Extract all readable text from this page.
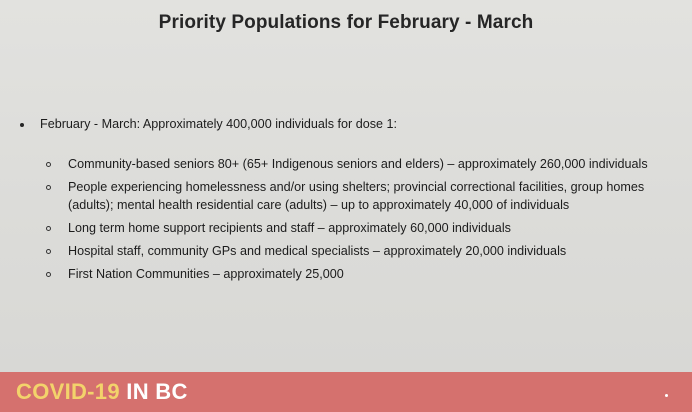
Priority Populations for February - March
February - March: Approximately 400,000 individuals for dose 1:
Community-based seniors 80+ (65+ Indigenous seniors and elders) – approximately 260,000 individuals
People experiencing homelessness and/or using shelters; provincial correctional facilities, group homes (adults); mental health residential care (adults) – up to approximately 40,000 of individuals
Long term home support recipients and staff – approximately 60,000 individuals
Hospital staff, community GPs and medical specialists – approximately 20,000 individuals
First Nation Communities – approximately 25,000
COVID-19 IN BC
